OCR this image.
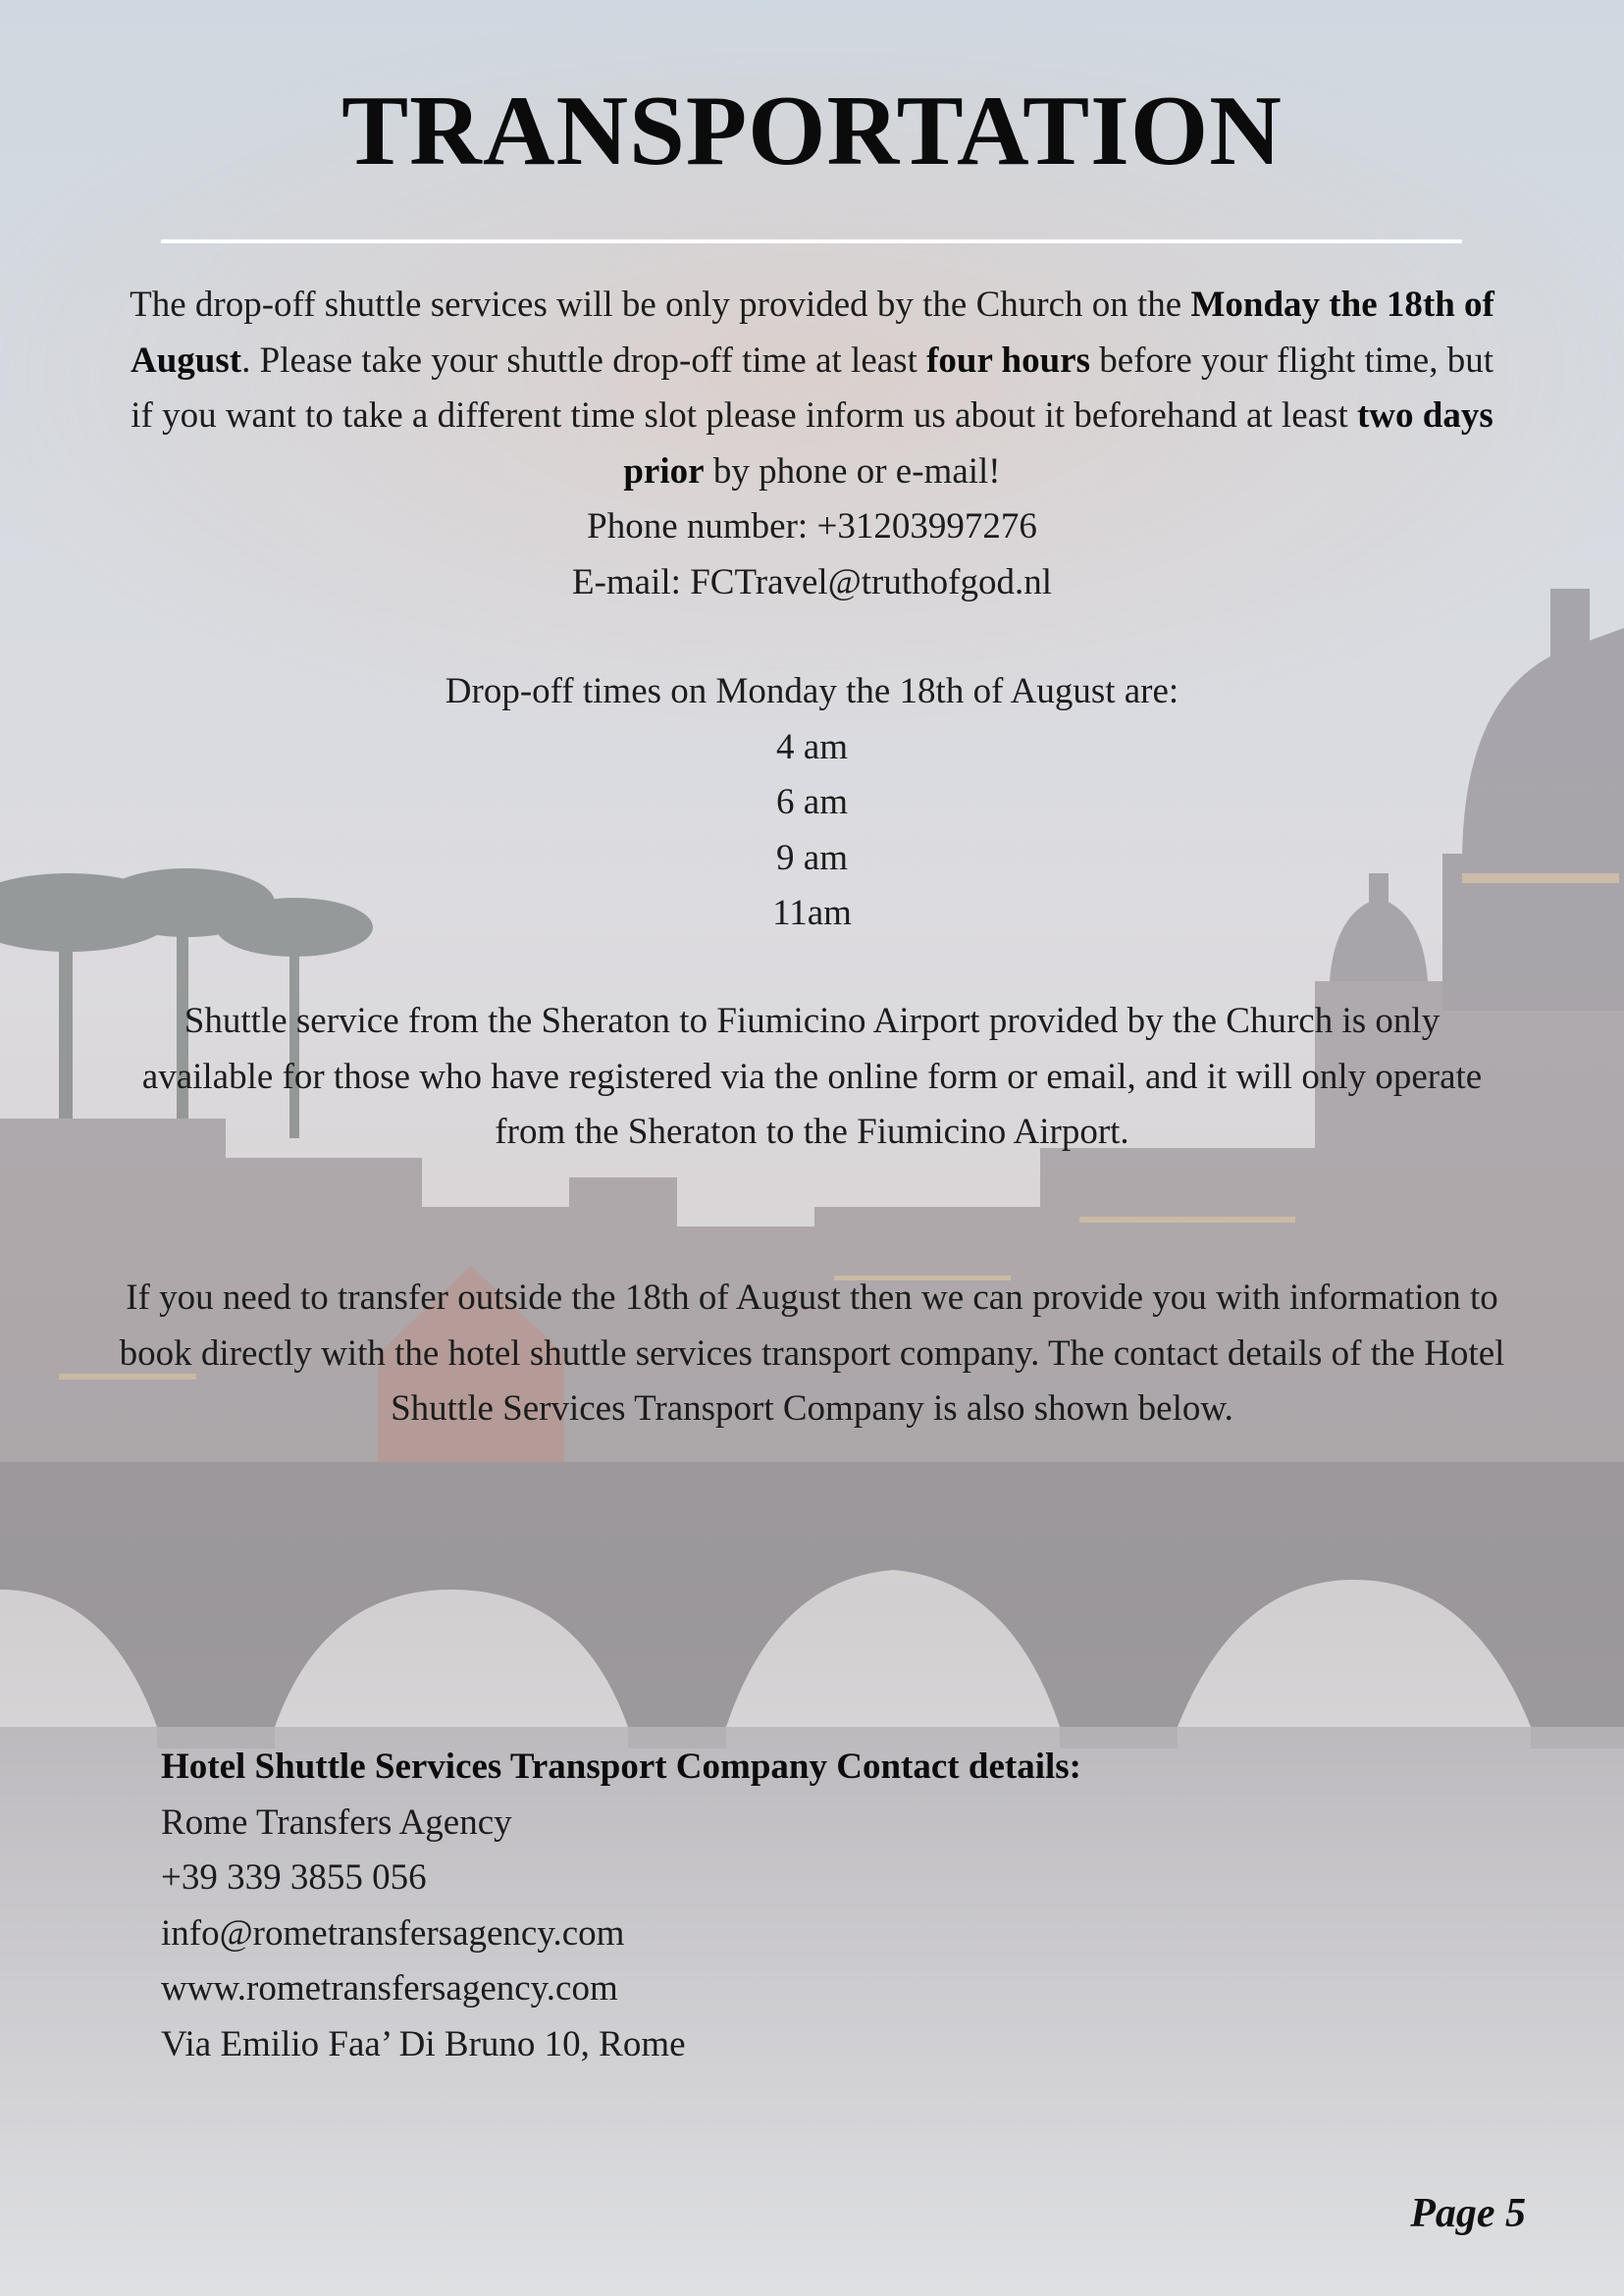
TRANSPORTATION

The drop-off shuttle services will be only provided by the Church on the Monday the 18th of August. Please take your shuttle drop-off time at least four hours before your flight time, but if you want to take a different time slot please inform us about it beforehand at least two days prior by phone or e-mail!
Phone number: +31203997276
E-mail: FCTravel@truthofgod.nl

Drop-off times on Monday the 18th of August are:
4 am
6 am
9 am
11am

Shuttle service from the Sheraton to Fiumicino Airport provided by the Church is only available for those who have registered via the online form or email, and it will only operate from the Sheraton to the Fiumicino Airport.

If you need to transfer outside the 18th of August then we can provide you with information to book directly with the hotel shuttle services transport company. The contact details of the Hotel Shuttle Services Transport Company is also shown below.

Hotel Shuttle Services Transport Company Contact details:
Rome Transfers Agency
+39 339 3855 056
info@rometransfersagency.com
www.rometransfersagency.com
Via Emilio Faa’ Di Bruno 10, Rome
Page 5
